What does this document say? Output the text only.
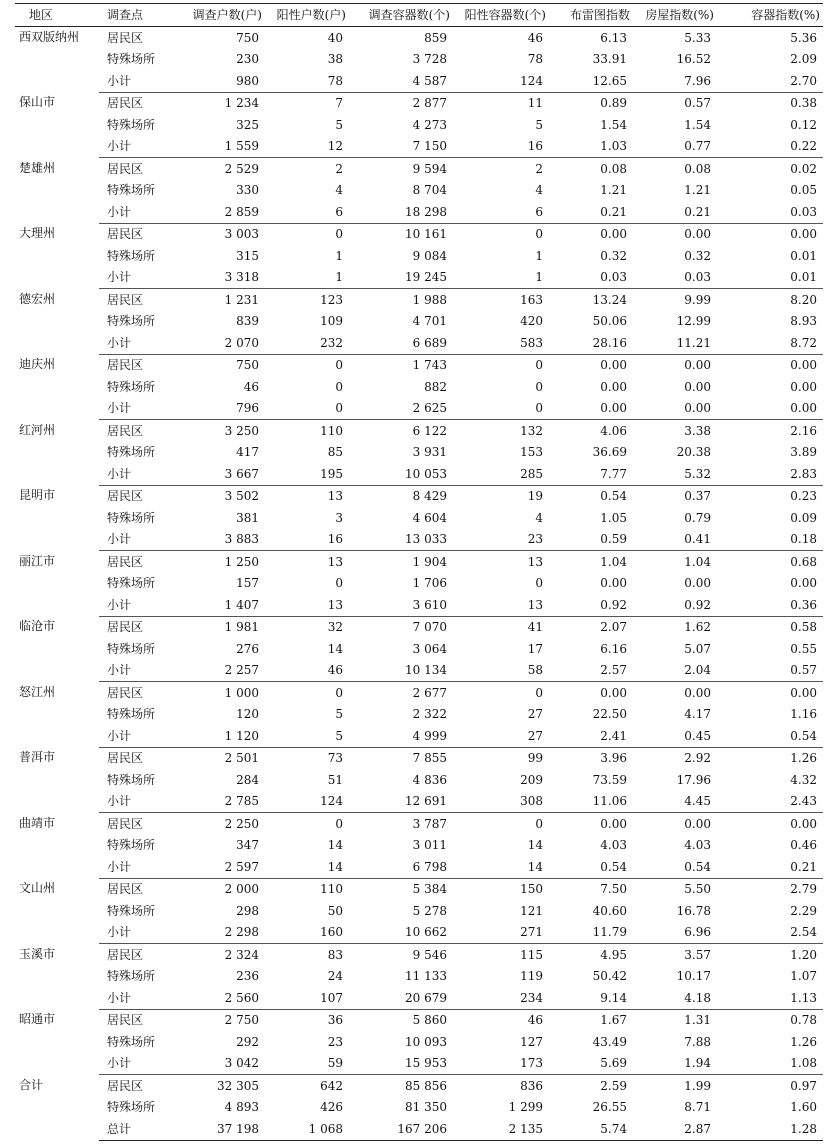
地区	调查点	调查户数(户)	阳性户数(户)	调查容器数(个)	阳性容器数(个)	布雷图指数	房屋指数(%)	容器指数(%)
西双版纳州	居民区	750	40	859	46	6.13	5.33	5.36
	特殊场所	230	38	3 728	78	33.91	16.52	2.09
	小计	980	78	4 587	124	12.65	7.96	2.70
保山市	居民区	1 234	7	2 877	11	0.89	0.57	0.38
	特殊场所	325	5	4 273	5	1.54	1.54	0.12
	小计	1 559	12	7 150	16	1.03	0.77	0.22
楚雄州	居民区	2 529	2	9 594	2	0.08	0.08	0.02
	特殊场所	330	4	8 704	4	1.21	1.21	0.05
	小计	2 859	6	18 298	6	0.21	0.21	0.03
大理州	居民区	3 003	0	10 161	0	0.00	0.00	0.00
	特殊场所	315	1	9 084	1	0.32	0.32	0.01
	小计	3 318	1	19 245	1	0.03	0.03	0.01
德宏州	居民区	1 231	123	1 988	163	13.24	9.99	8.20
	特殊场所	839	109	4 701	420	50.06	12.99	8.93
	小计	2 070	232	6 689	583	28.16	11.21	8.72
迪庆州	居民区	750	0	1 743	0	0.00	0.00	0.00
	特殊场所	46	0	882	0	0.00	0.00	0.00
	小计	796	0	2 625	0	0.00	0.00	0.00
红河州	居民区	3 250	110	6 122	132	4.06	3.38	2.16
	特殊场所	417	85	3 931	153	36.69	20.38	3.89
	小计	3 667	195	10 053	285	7.77	5.32	2.83
昆明市	居民区	3 502	13	8 429	19	0.54	0.37	0.23
	特殊场所	381	3	4 604	4	1.05	0.79	0.09
	小计	3 883	16	13 033	23	0.59	0.41	0.18
丽江市	居民区	1 250	13	1 904	13	1.04	1.04	0.68
	特殊场所	157	0	1 706	0	0.00	0.00	0.00
	小计	1 407	13	3 610	13	0.92	0.92	0.36
临沧市	居民区	1 981	32	7 070	41	2.07	1.62	0.58
	特殊场所	276	14	3 064	17	6.16	5.07	0.55
	小计	2 257	46	10 134	58	2.57	2.04	0.57
怒江州	居民区	1 000	0	2 677	0	0.00	0.00	0.00
	特殊场所	120	5	2 322	27	22.50	4.17	1.16
	小计	1 120	5	4 999	27	2.41	0.45	0.54
普洱市	居民区	2 501	73	7 855	99	3.96	2.92	1.26
	特殊场所	284	51	4 836	209	73.59	17.96	4.32
	小计	2 785	124	12 691	308	11.06	4.45	2.43
曲靖市	居民区	2 250	0	3 787	0	0.00	0.00	0.00
	特殊场所	347	14	3 011	14	4.03	4.03	0.46
	小计	2 597	14	6 798	14	0.54	0.54	0.21
文山州	居民区	2 000	110	5 384	150	7.50	5.50	2.79
	特殊场所	298	50	5 278	121	40.60	16.78	2.29
	小计	2 298	160	10 662	271	11.79	6.96	2.54
玉溪市	居民区	2 324	83	9 546	115	4.95	3.57	1.20
	特殊场所	236	24	11 133	119	50.42	10.17	1.07
	小计	2 560	107	20 679	234	9.14	4.18	1.13
昭通市	居民区	2 750	36	5 860	46	1.67	1.31	0.78
	特殊场所	292	23	10 093	127	43.49	7.88	1.26
	小计	3 042	59	15 953	173	5.69	1.94	1.08
合计	居民区	32 305	642	85 856	836	2.59	1.99	0.97
	特殊场所	4 893	426	81 350	1 299	26.55	8.71	1.60
	总计	37 198	1 068	167 206	2 135	5.74	2.87	1.28
